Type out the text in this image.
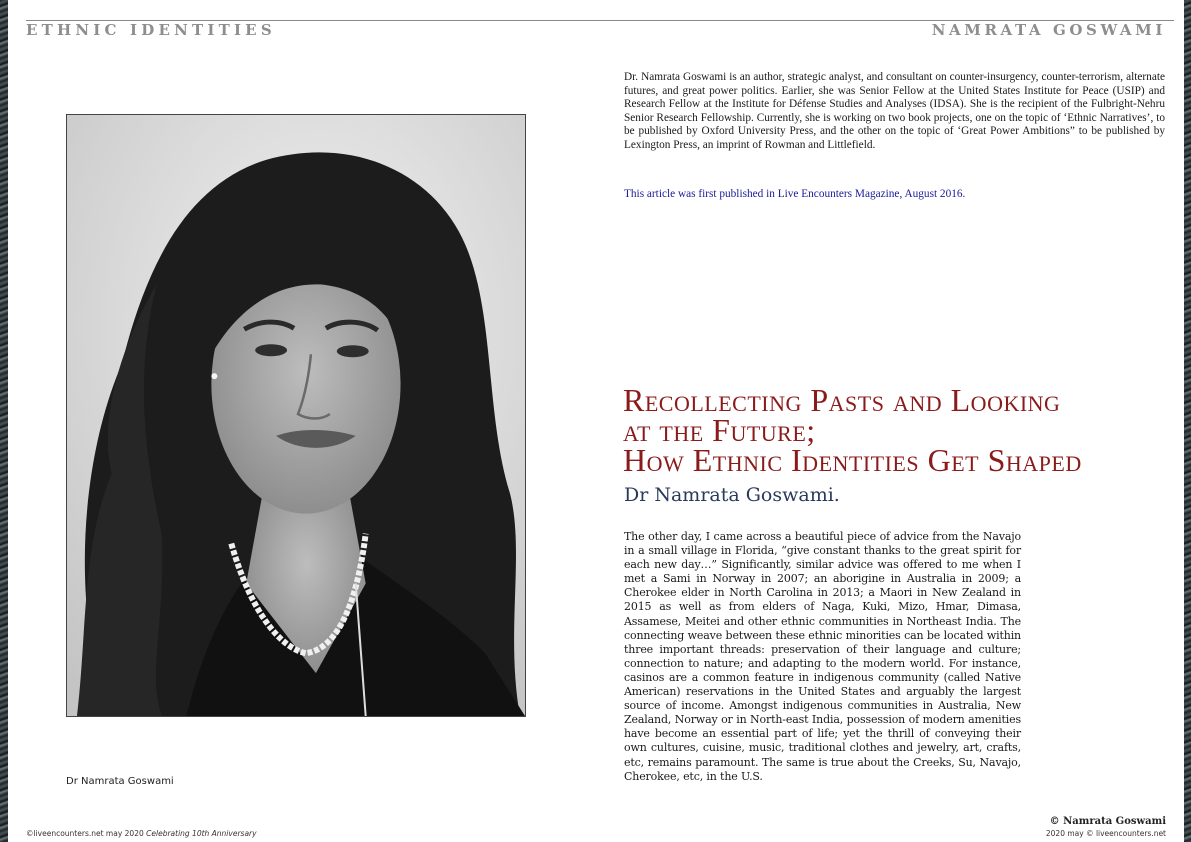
ETHNIC IDENTITIES	NAMRATA GOSWAMI
Dr Namrata Goswami

Dr. Namrata Goswami is an author, strategic analyst, and consultant on counter-insurgency, counter-terrorism, alternate futures, and great power politics. Earlier, she was Senior Fellow at the United States Institute for Peace (USIP) and Research Fellow at the Institute for Défense Studies and Analyses (IDSA). She is the recipient of the Fulbright-Nehru Senior Research Fellowship. Currently, she is working on two book projects, one on the topic of ‘Ethnic Narratives’, to be published by Oxford University Press, and the other on the topic of ‘Great Power Ambitions” to be published by Lexington Press, an imprint of Rowman and Littlefield.

This article was first published in Live Encounters Magazine, August 2016.
Recollecting Pasts and Looking
at the Future;
How Ethnic Identities Get Shaped
Dr Namrata Goswami.

The other day, I came across a beautiful piece of advice from the Navajo in a small village in Florida, “give constant thanks to the great spirit for each new day…” Significantly, similar advice was offered to me when I met a Sami in Norway in 2007; an aborigine in Australia in 2009; a Cherokee elder in North Carolina in 2013; a Maori in New Zealand in 2015 as well as from elders of Naga, Kuki, Mizo, Hmar, Dimasa, Assamese, Meitei and other ethnic communities in Northeast India. The connecting weave between these ethnic minorities can be located within three important threads: preservation of their language and culture; connection to nature; and adapting to the modern world. For instance, casinos are a common feature in indigenous community (called Native American) reservations in the United States and arguably the largest source of income. Amongst indigenous communities in Australia, New Zealand, Norway or in North-east India, possession of modern amenities have become an essential part of life; yet the thrill of conveying their own cultures, cuisine, music, traditional clothes and jewelry, art, crafts, etc, remains paramount. The same is true about the Creeks, Su, Navajo, Cherokee, etc, in the U.S.

© Namrata Goswami
©liveencounters.net may 2020 Celebrating 10th Anniversary	2020 may © liveencounters.net
